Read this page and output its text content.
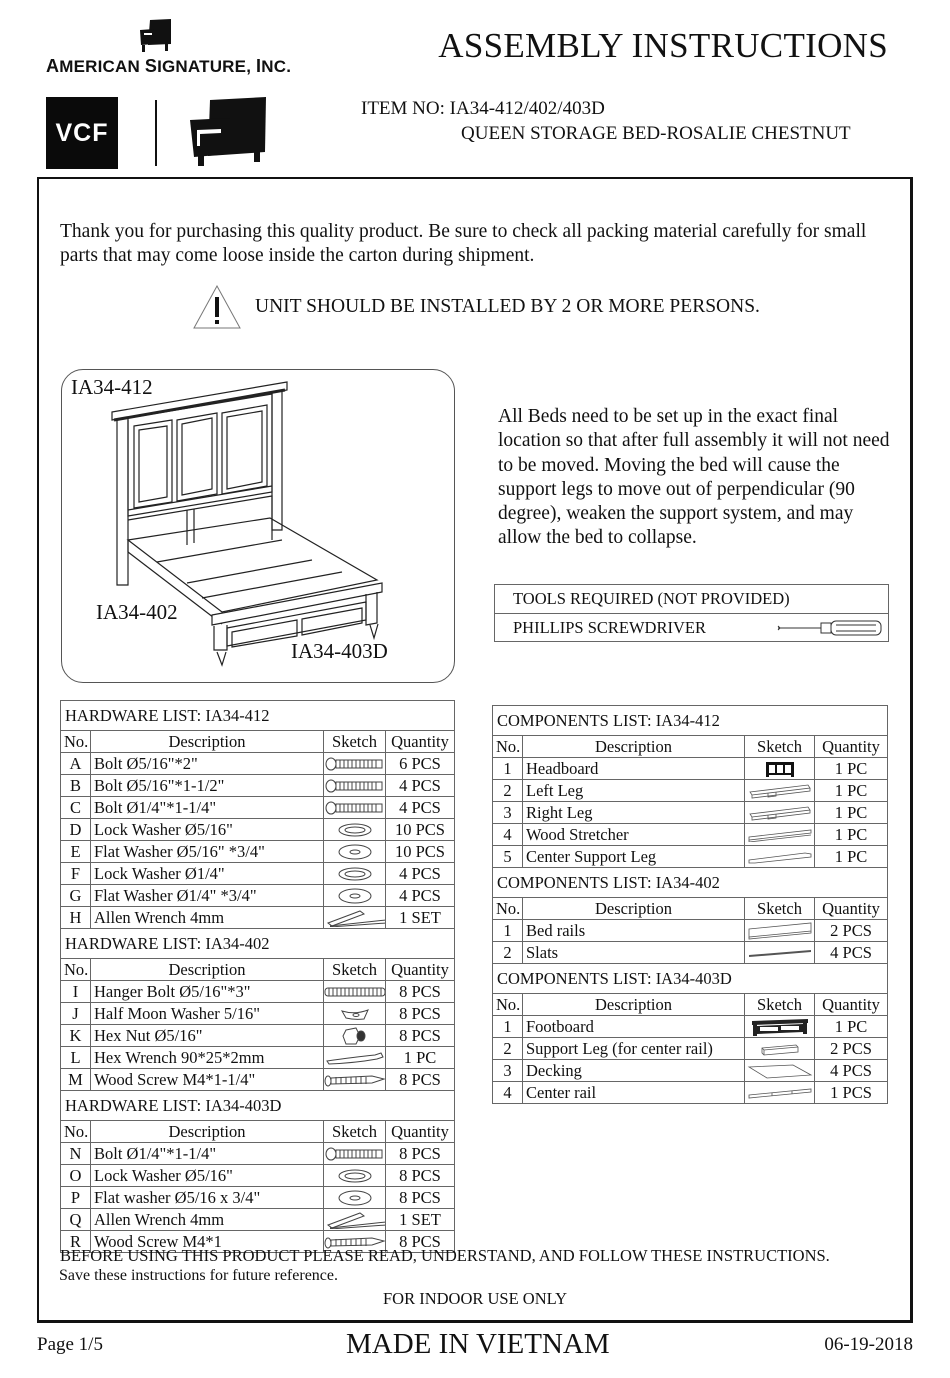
AMERICAN SIGNATURE, INC.
VCF
ASSEMBLY INSTRUCTIONS
ITEM NO: IA34-412/402/403D
QUEEN STORAGE BED-ROSALIE CHESTNUT
Thank you for purchasing this quality product. Be sure to check all packing material carefully for small parts that may come loose inside the carton during shipment.
UNIT SHOULD BE INSTALLED BY 2 OR MORE PERSONS.
IA34-412
IA34-402
IA34-403D
All Beds need to be set up in the exact final location so that after full assembly it will not need to be moved. Moving the bed will cause the support legs to move out of perpendicular (90 degree), weaken the support system, and may allow the bed to collapse.
TOOLS REQUIRED (NOT PROVIDED)
PHILLIPS SCREWDRIVER
HARDWARE LIST: IA34-412			
No.	Description	Sketch	Quantity
A	Bolt Ø5/16"*2"		6 PCS
B	Bolt Ø5/16"*1-1/2"		4 PCS
C	Bolt Ø1/4"*1-1/4"		4 PCS
D	Lock Washer Ø5/16"		10 PCS
E	Flat Washer Ø5/16" *3/4"		10 PCS
F	Lock Washer Ø1/4"		4 PCS
G	Flat Washer Ø1/4" *3/4"		4 PCS
H	Allen Wrench 4mm		1 SET
HARDWARE LIST: IA34-402			
No.	Description	Sketch	Quantity
I	Hanger Bolt Ø5/16"*3"		8 PCS
J	Half Moon Washer 5/16"		8 PCS
K	Hex Nut Ø5/16"		8 PCS
L	Hex Wrench 90*25*2mm		1 PC
M	Wood Screw M4*1-1/4"		8 PCS
HARDWARE LIST: IA34-403D			
No.	Description	Sketch	Quantity
N	Bolt Ø1/4"*1-1/4"		8 PCS
O	Lock Washer Ø5/16"		8 PCS
P	Flat washer Ø5/16 x 3/4"		8 PCS
Q	Allen Wrench 4mm		1 SET
R	Wood Screw M4*1		8 PCS
COMPONENTS LIST: IA34-412			
No.	Description	Sketch	Quantity
1	Headboard		1 PC
2	Left Leg		1 PC
3	Right Leg		1 PC
4	Wood Stretcher		1 PC
5	Center Support Leg		1 PC
COMPONENTS LIST: IA34-402			
No.	Description	Sketch	Quantity
1	Bed rails		2 PCS
2	Slats		4 PCS
COMPONENTS LIST: IA34-403D			
No.	Description	Sketch	Quantity
1	Footboard		1 PC
2	Support Leg (for center rail)		2 PCS
3	Decking		4 PCS
4	Center rail		1 PCS
BEFORE USING THIS PRODUCT PLEASE READ, UNDERSTAND, AND FOLLOW THESE INSTRUCTIONS.
Save these instructions for future reference.
FOR INDOOR USE ONLY
Page 1/5	MADE IN VIETNAM	06-19-2018
